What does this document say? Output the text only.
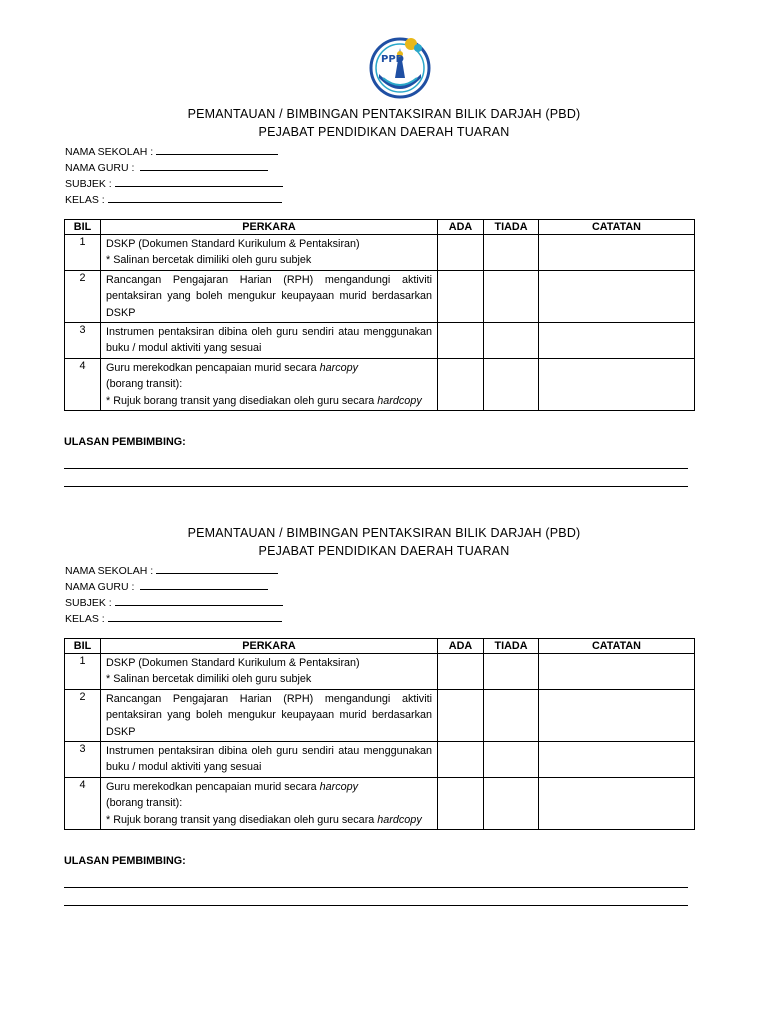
PPD
PEMANTAUAN / BIMBINGAN PENTAKSIRAN BILIK DARJAH (PBD)
PEJABAT PENDIDIKAN DAERAH TUARAN
NAMA SEKOLAH :
NAMA GURU :
SUBJEK :
KELAS :
BIL	PERKARA	ADA	TIADA	CATATAN
1	DSKP (Dokumen Standard Kurikulum & Pentaksiran)
* Salinan bercetak dimiliki oleh guru subjek			

2	Rancangan Pengajaran Harian (RPH) mengandungi aktiviti pentaksiran yang boleh mengukur keupayaan murid berdasarkan DSKP			
3	Instrumen pentaksiran dibina oleh guru sendiri atau menggunakan buku / modul aktiviti yang sesuai			
4	Guru merekodkan pencapaian murid secara harcopy
(borang transit):
* Rujuk borang transit yang disediakan oleh guru secara hardcopy			

ULASAN PEMBIMBING:
PEMANTAUAN / BIMBINGAN PENTAKSIRAN BILIK DARJAH (PBD)
PEJABAT PENDIDIKAN DAERAH TUARAN
NAMA SEKOLAH :
NAMA GURU :
SUBJEK :
KELAS :
BIL	PERKARA	ADA	TIADA	CATATAN
1	DSKP (Dokumen Standard Kurikulum & Pentaksiran)
* Salinan bercetak dimiliki oleh guru subjek			

2	Rancangan Pengajaran Harian (RPH) mengandungi aktiviti pentaksiran yang boleh mengukur keupayaan murid berdasarkan DSKP			
3	Instrumen pentaksiran dibina oleh guru sendiri atau menggunakan buku / modul aktiviti yang sesuai			
4	Guru merekodkan pencapaian murid secara harcopy
(borang transit):
* Rujuk borang transit yang disediakan oleh guru secara hardcopy			

ULASAN PEMBIMBING:
